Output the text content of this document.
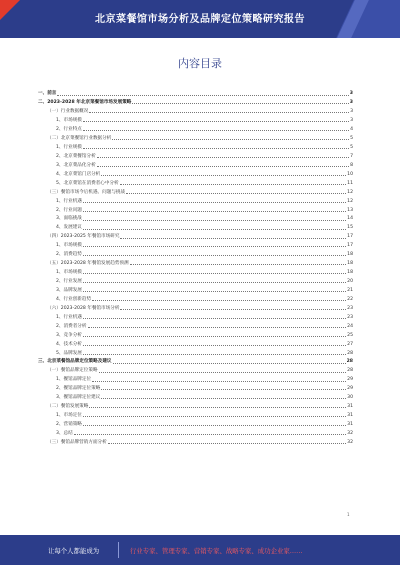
北京菜餐馆市场分析及品牌定位策略研究报告
内容目录
一、前言	3
二、2023-2028 年北京菜餐馆市场发展策略	3
（一）行业数据概况	3
1、市场规模	3
2、行业特点	4
（二）北京菜餐馆行业数据分析	5
1、行业规模	5
2、北京菜餐馆分析	7
3、北京菜品化分析	8
4、北京菜馆门店分析	10
5、北京菜馆在消费者心中分析	11
（三）餐馆市场今后机遇、问题与挑战	12
1、行业机遇	12
2、行业问题	13
3、面临挑战	14
4、发展建议	15
（四）2023-2025 年餐馆市场研究	17
1、市场规模	17
2、消费趋势	18
（五）2023-2028 年餐馆发展趋势预测	18
1、市场规模	18
2、行业发展	20
3、品牌发展	21
4、行业创新趋势	22
（六）2023-2028 年餐馆市场分析	23
1、行业机遇	23
2、消费者分析	24
3、竞争分析	25
4、技术分析	27
5、品牌发展	28
三、北京菜餐馆品牌定位策略及建议	28
（一）餐馆品牌定位策略	28
1、餐馆品牌定位	29
2、餐馆品牌定位策略	29
3、餐馆品牌定位建议	30
（二）餐馆发展策略	31
1、市场定位	31
2、营销策略	31
3、总结	32
（三）餐馆品牌营销方面分析	32
1
让每个人都能成为	行业专家、管理专家、营销专家、战略专家、成功企业家……
